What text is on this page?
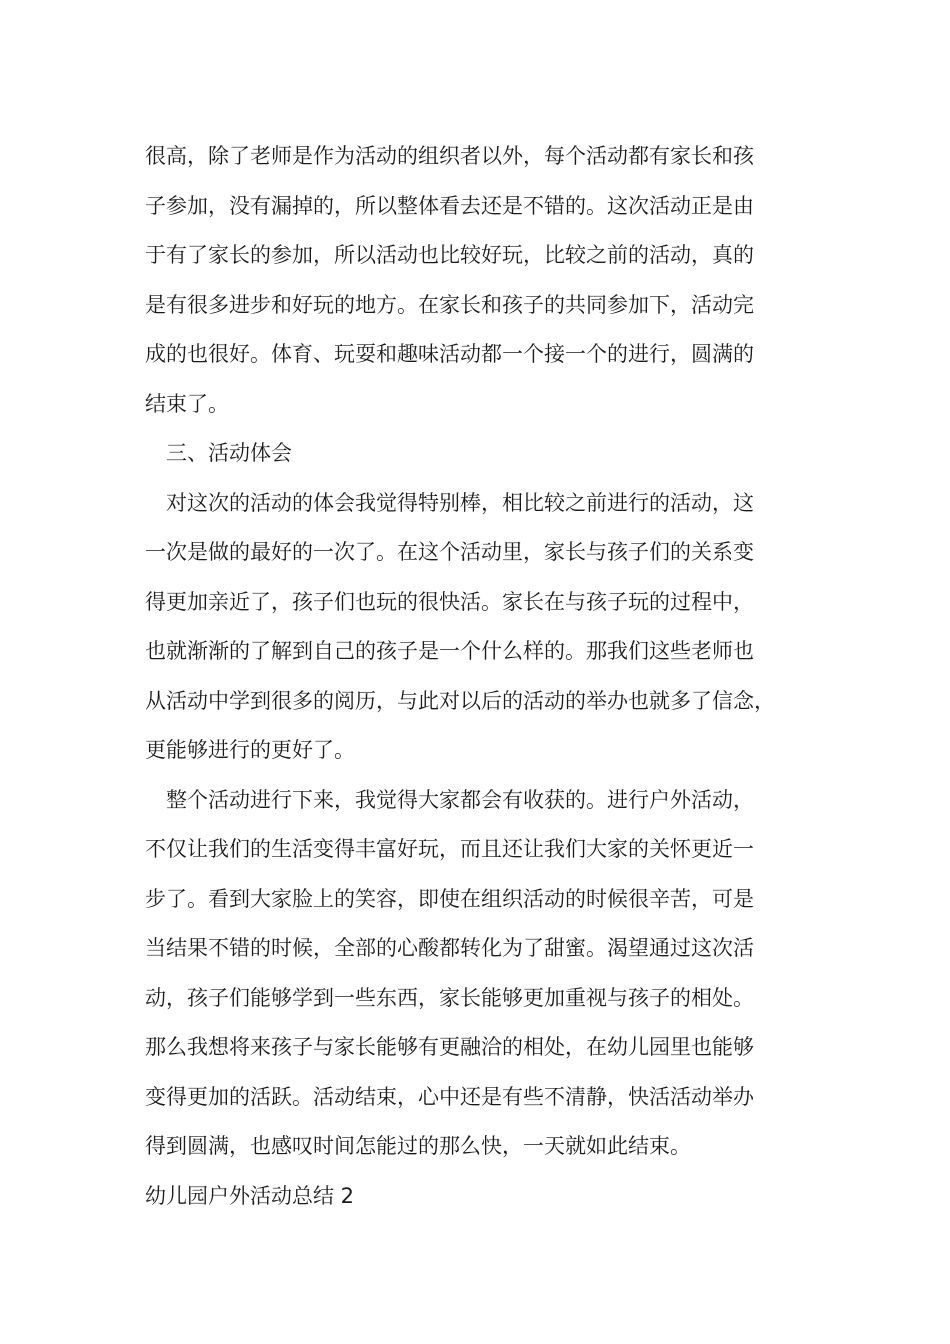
很高，除了老师是作为活动的组织者以外，每个活动都有家长和孩
子参加，没有漏掉的，所以整体看去还是不错的。这次活动正是由
于有了家长的参加，所以活动也比较好玩，比较之前的活动，真的
是有很多进步和好玩的地方。在家长和孩子的共同参加下，活动完
成的也很好。体育、玩耍和趣味活动都一个接一个的进行，圆满的
结束了。
三、活动体会
对这次的活动的体会我觉得特别棒，相比较之前进行的活动，这
一次是做的最好的一次了。在这个活动里，家长与孩子们的关系变
得更加亲近了，孩子们也玩的很快活。家长在与孩子玩的过程中，
也就渐渐的了解到自己的孩子是一个什么样的。那我们这些老师也
从活动中学到很多的阅历，与此对以后的活动的举办也就多了信念，
更能够进行的更好了。
整个活动进行下来，我觉得大家都会有收获的。进行户外活动，
不仅让我们的生活变得丰富好玩，而且还让我们大家的关怀更近一
步了。看到大家脸上的笑容，即使在组织活动的时候很辛苦，可是
当结果不错的时候，全部的心酸都转化为了甜蜜。渴望通过这次活
动，孩子们能够学到一些东西，家长能够更加重视与孩子的相处。
那么我想将来孩子与家长能够有更融洽的相处，在幼儿园里也能够
变得更加的活跃。活动结束，心中还是有些不清静，快活活动举办
得到圆满，也感叹时间怎能过的那么快，一天就如此结束。
幼儿园户外活动总结 2
